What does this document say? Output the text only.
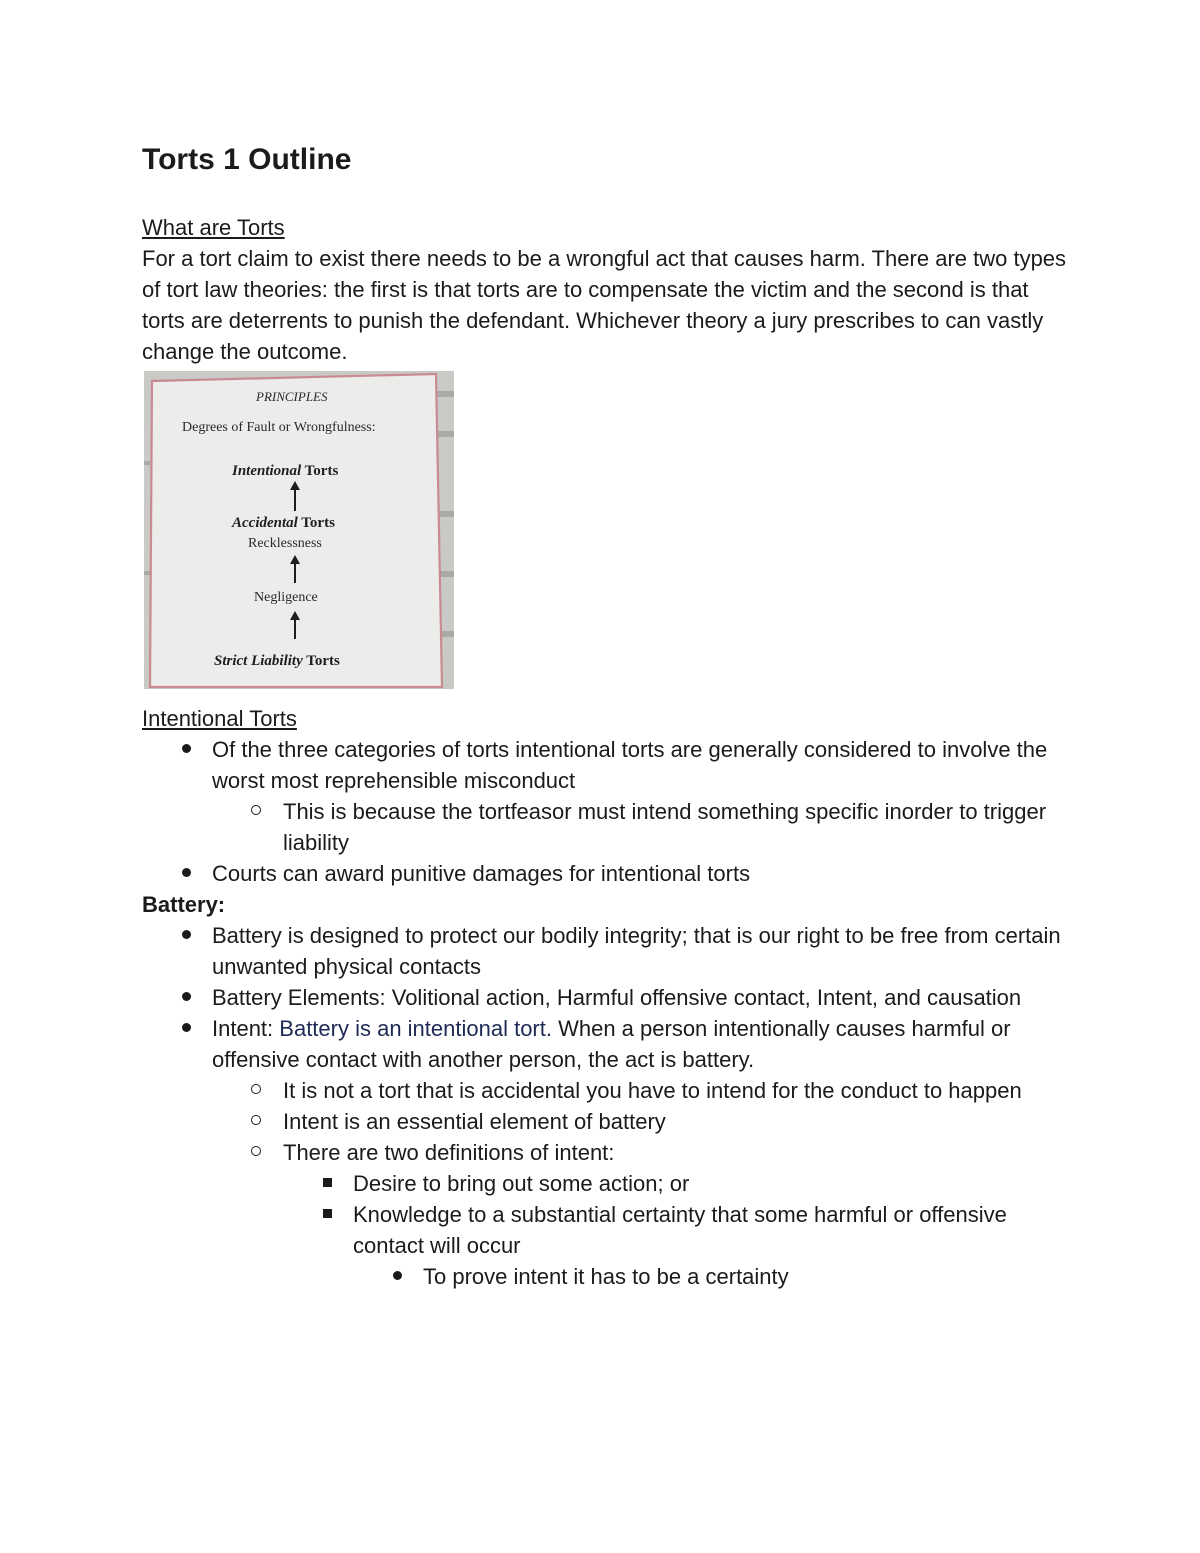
Torts 1 Outline

What are Torts

For a tort claim to exist there needs to be a wrongful act that causes harm. There are two types of tort law theories: the first is that torts are to compensate the victim and the second is that torts are deterrents to punish the defendant. Whichever theory a jury prescribes to can vastly change the outcome.

PRINCIPLES
Degrees of Fault or Wrongfulness:
Intentional Torts
Accidental Torts
Recklessness
Negligence
Strict Liability Torts

Intentional Torts

Of the three categories of torts intentional torts are generally considered to involve the worst most reprehensible misconduct
This is because the tortfeasor must intend something specific inorder to trigger liability
Courts can award punitive damages for intentional torts

Battery:

Battery is designed to protect our bodily integrity; that is our right to be free from certain unwanted physical contacts
Battery Elements: Volitional action, Harmful offensive contact, Intent, and causation
Intent: Battery is an intentional tort. When a person intentionally causes harmful or offensive contact with another person, the act is battery.
It is not a tort that is accidental you have to intend for the conduct to happen
Intent is an essential element of battery
There are two definitions of intent:
Desire to bring out some action; or
Knowledge to a substantial certainty that some harmful or offensive contact will occur
To prove intent it has to be a certainty
